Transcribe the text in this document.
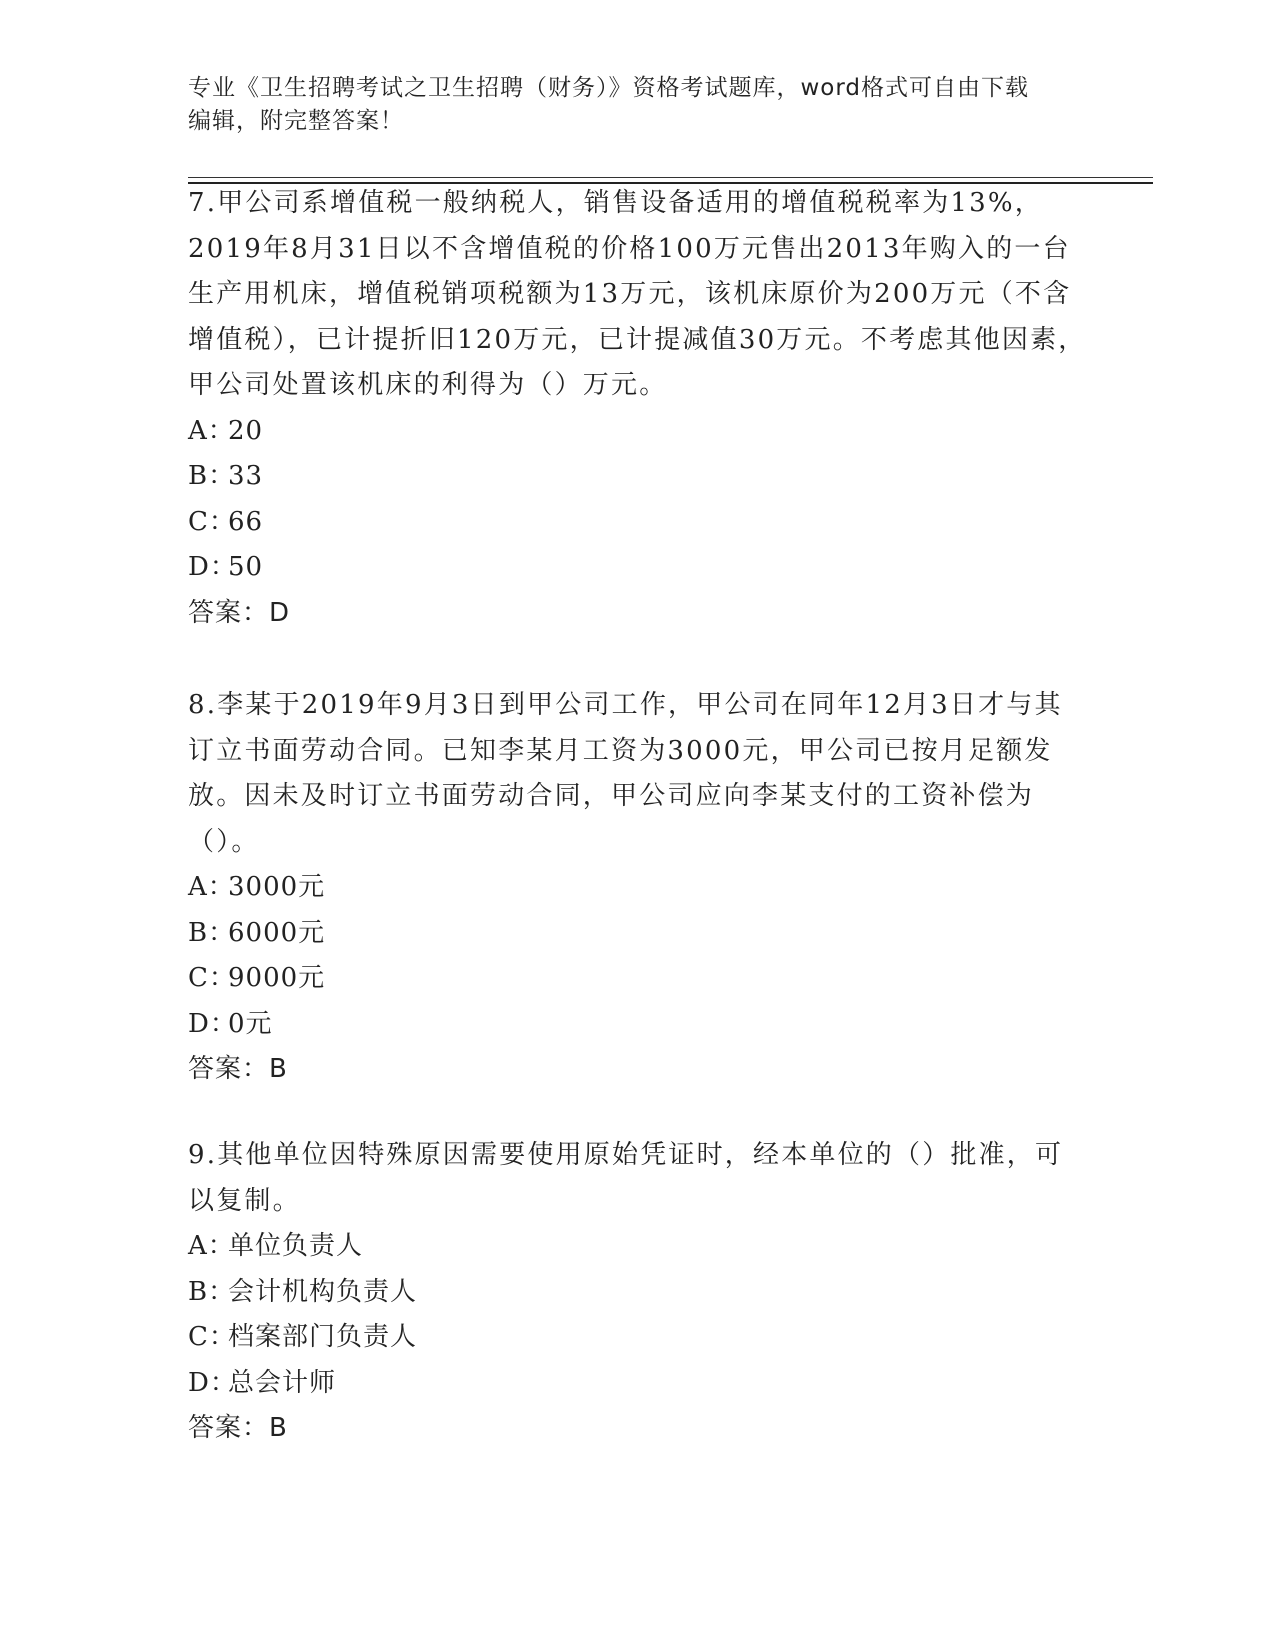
专业《卫生招聘考试之卫生招聘（财务）》资格考试题库，word格式可自由下载
编辑，附完整答案！
7.甲公司系增值税一般纳税人，销售设备适用的增值税税率为13%，2019年8月31日以不含增值税的价格100万元售出2013年购入的一台生产用机床，增值税销项税额为13万元，该机床原价为200万元（不含增值税），已计提折旧120万元，已计提减值30万元。不考虑其他因素，甲公司处置该机床的利得为（）万元。
A：20
B：33
C：66
D：50
答案：D
8.李某于2019年9月3日到甲公司工作，甲公司在同年12月3日才与其订立书面劳动合同。已知李某月工资为3000元，甲公司已按月足额发放。因未及时订立书面劳动合同，甲公司应向李某支付的工资补偿为（）。
A：3000元
B：6000元
C：9000元
D：0元
答案：B
9.其他单位因特殊原因需要使用原始凭证时，经本单位的（）批准，可以复制。
A：单位负责人
B：会计机构负责人
C：档案部门负责人
D：总会计师
答案：B
